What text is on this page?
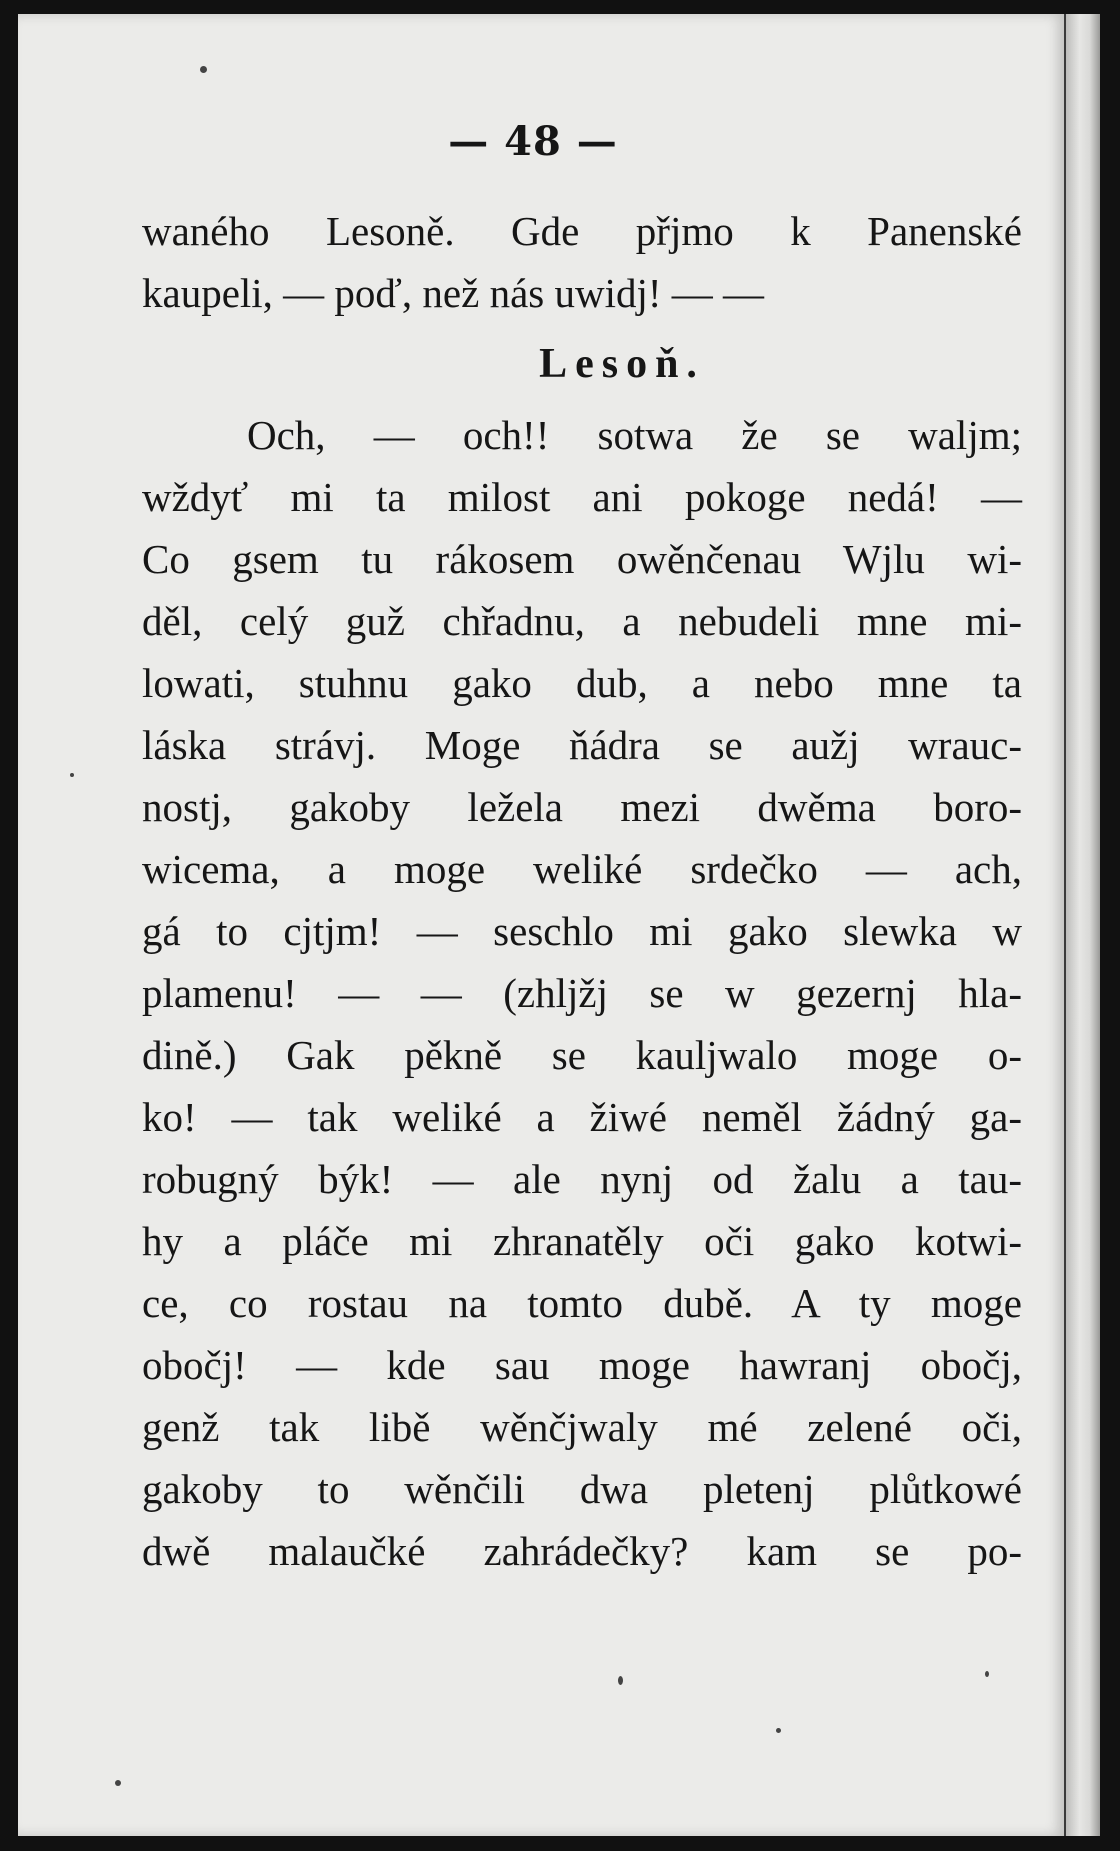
— 48 —
waného Lesoně. Gde přjmo k Panenské
kaupeli, — poď, než nás uwidj! — —
Lesoň.
Och, — och!! sotwa že se waljm;
wždyť mi ta milost ani pokoge nedá! —
Co gsem tu rákosem owěnčenau Wjlu wi-
děl, celý guž chřadnu, a nebudeli mne mi-
lowati, stuhnu gako dub, a nebo mne ta
láska strávj. Moge ňádra se aužj wrauc-
nostj, gakoby ležela mezi dwěma boro-
wicema, a moge weliké srdečko — ach,
gá to cjtjm! — seschlo mi gako slewka w
plamenu! — — (zhljžj se w gezernj hla-
dině.) Gak pěkně se kauljwalo moge o-
ko! — tak weliké a žiwé neměl žádný ga-
robugný býk! — ale nynj od žalu a tau-
hy a pláče mi zhranatěly oči gako kotwi-
ce, co rostau na tomto dubě. A ty moge
obočj! — kde sau moge hawranj obočj,
genž tak libě wěnčjwaly mé zelené oči,
gakoby to wěnčili dwa pletenj plůtkowé
dwě malaučké zahrádečky? kam se po-
